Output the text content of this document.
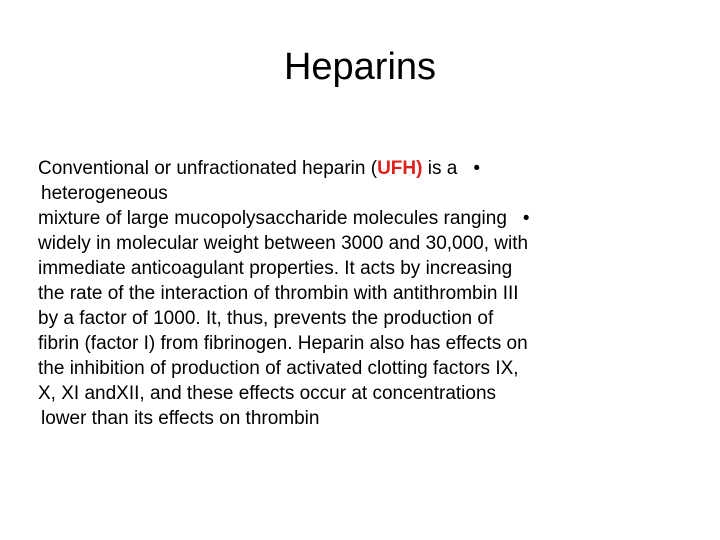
Heparins
Conventional or unfractionated heparin (UFH) is a •
heterogeneous
mixture of large mucopolysaccharide molecules ranging •
widely in molecular weight between 3000 and 30,000, with
immediate anticoagulant properties. It acts by increasing
the rate of the interaction of thrombin with antithrombin III
by a factor of 1000. It, thus, prevents the production of
fibrin (factor I) from fibrinogen. Heparin also has effects on
the inhibition of production of activated clotting factors IX,
X, XI andXII, and these effects occur at concentrations
lower than its effects on thrombin
